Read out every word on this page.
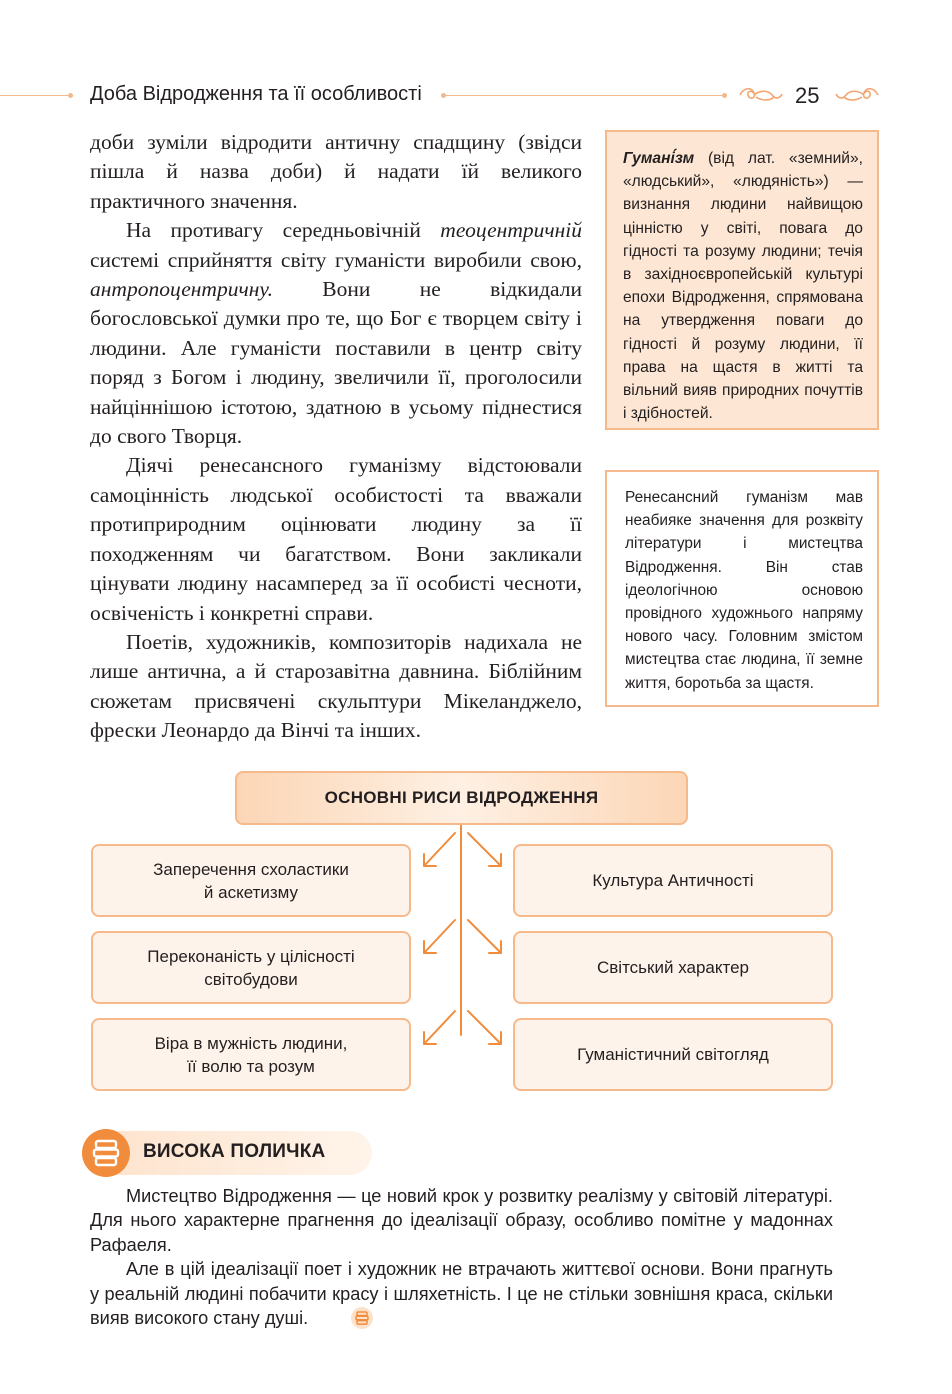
Доба Відродження та її особливості	25

доби зуміли відродити античну спадщину (звідси пішла й назва доби) й надати їй великого практичного значення.

На противагу середньовічній теоцентричній системі сприйняття світу гуманісти виробили свою, антропоцентричну. Вони не відкидали богословської думки про те, що Бог є творцем світу і людини. Але гуманісти поставили в центр світу поряд з Богом і людину, звеличили її, проголосили найціннішою істотою, здатною в усьому піднестися до свого Творця.

Діячі ренесансного гуманізму відстоювали самоцінність людської особистості та вважали протиприродним оцінювати людину за її походженням чи багатством. Вони закликали цінувати людину насамперед за її особисті чесноти, освіченість і конкретні справи.

Поетів, художників, композиторів надихала не лише антична, а й старозавітна давнина. Біблійним сюжетам присвячені скульптури Мікеланджело, фрески Леонардо да Вінчі та інших.

Гумані́зм (від лат. «земний», «людський», «людяність») — визнання людини найвищою цінністю у світі, повага до гідності та розуму людини; течія в західноєвропейській культурі епохи Відродження, спрямована на утвердження поваги до гідності й розуму людини, її права на щастя в житті та вільний вияв природних почуттів і здібностей.
Ренесансний гуманізм мав неабияке значення для розквіту літератури і мистецтва Відродження. Він став ідеологічною основою провідного художнього напряму нового часу. Головним змістом мистецтва стає людина, її земне життя, боротьба за щастя.
ОСНОВНІ РИСИ ВІДРОДЖЕННЯ
Заперечення схоластики
й аскетизму
Переконаність у цілісності
світобудови
Віра в мужність людини,
її волю та розум
Культура Античності
Світський характер
Гуманістичний світогляд
ВИСОКА ПОЛИЧКА

Мистецтво Відродження — це новий крок у розвитку реалізму у світовій літературі. Для нього характерне прагнення до ідеалізації образу, особливо помітне у мадоннах Рафаеля.

Але в цій ідеалізації поет і художник не втрачають життєвої основи. Вони прагнуть у реальній людині побачити красу і шляхетність. І це не стільки зовнішня краса, скільки вияв високого стану душі.
